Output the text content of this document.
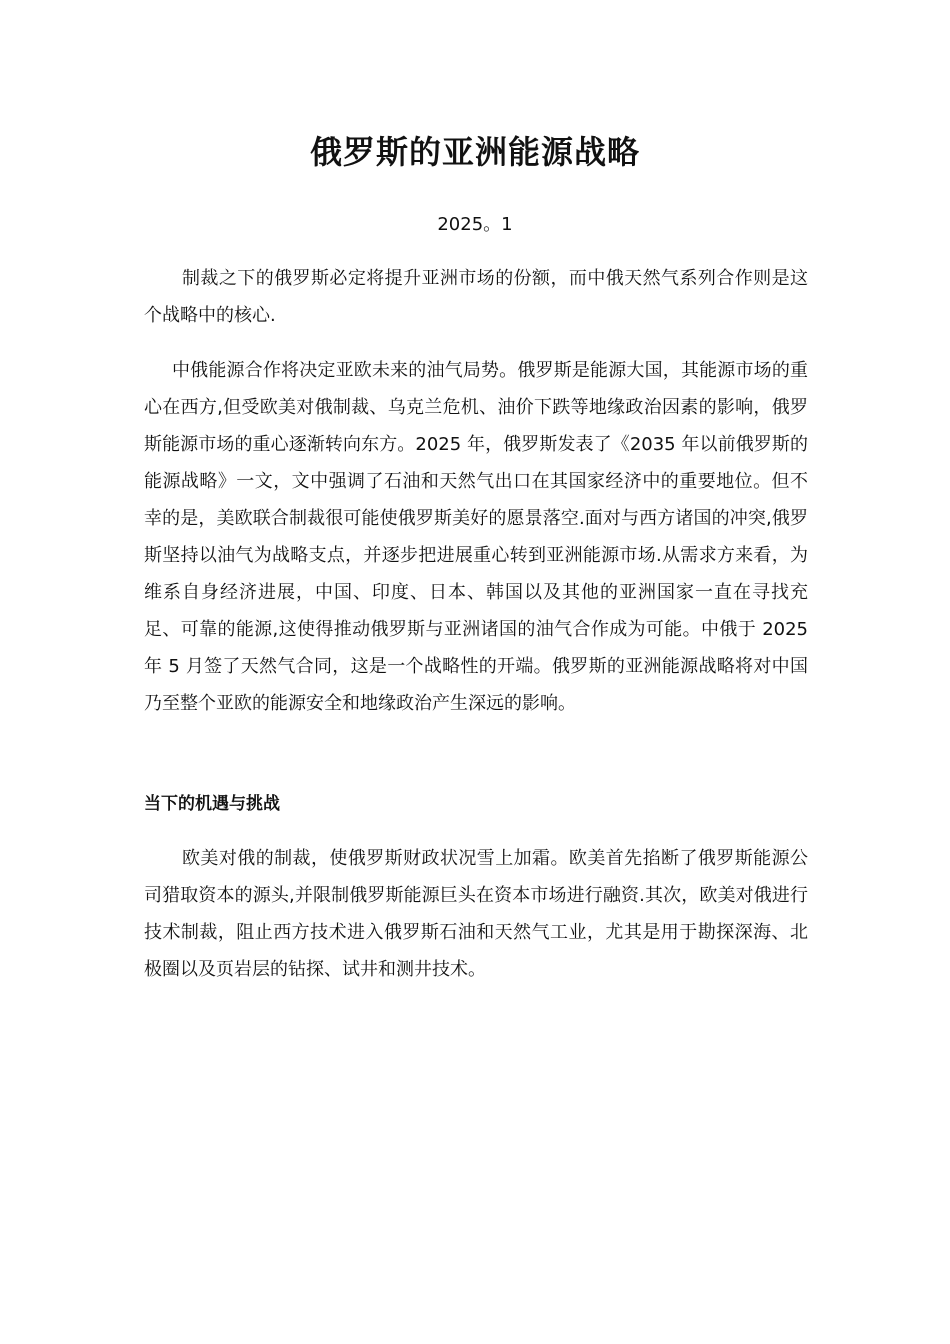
俄罗斯的亚洲能源战略
2025。1

制裁之下的俄罗斯必定将提升亚洲市场的份额，而中俄天然气系列合作则是这个战略中的核心.

中俄能源合作将决定亚欧未来的油气局势。俄罗斯是能源大国，其能源市场的重心在西方,但受欧美对俄制裁、乌克兰危机、油价下跌等地缘政治因素的影响，俄罗斯能源市场的重心逐渐转向东方。2025 年，俄罗斯发表了《2035 年以前俄罗斯的能源战略》一文，文中强调了石油和天然气出口在其国家经济中的重要地位。但不幸的是，美欧联合制裁很可能使俄罗斯美好的愿景落空.面对与西方诸国的冲突,俄罗斯坚持以油气为战略支点，并逐步把进展重心转到亚洲能源市场.从需求方来看，为维系自身经济进展，中国、印度、日本、韩国以及其他的亚洲国家一直在寻找充足、可靠的能源,这使得推动俄罗斯与亚洲诸国的油气合作成为可能。中俄于 2025 年 5 月签了天然气合同，这是一个战略性的开端。俄罗斯的亚洲能源战略将对中国乃至整个亚欧的能源安全和地缘政治产生深远的影响。

当下的机遇与挑战

欧美对俄的制裁，使俄罗斯财政状况雪上加霜。欧美首先掐断了俄罗斯能源公司猎取资本的源头,并限制俄罗斯能源巨头在资本市场进行融资.其次，欧美对俄进行技术制裁，阻止西方技术进入俄罗斯石油和天然气工业，尤其是用于勘探深海、北极圈以及页岩层的钻探、试井和测井技术。
